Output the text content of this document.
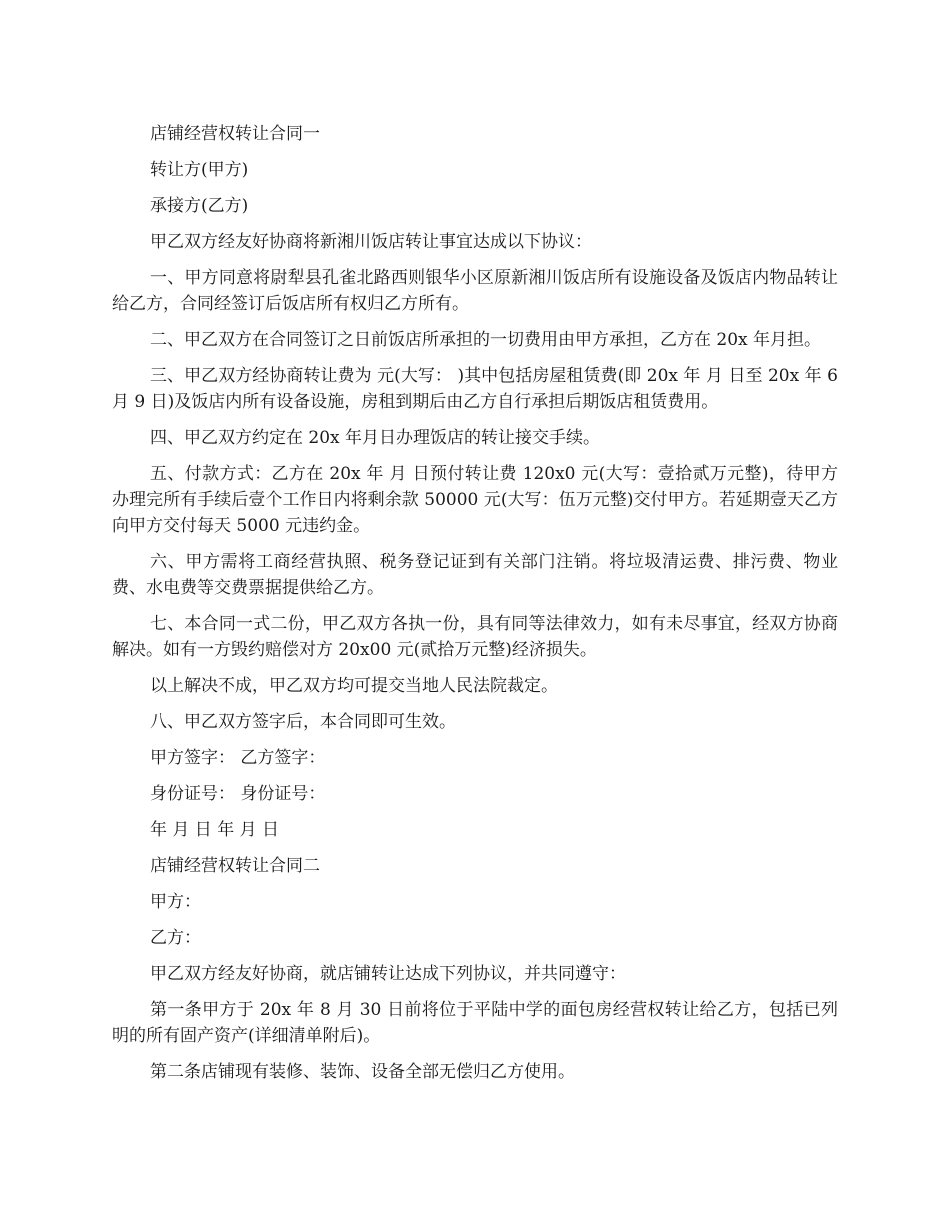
店铺经营权转让合同一

转让方(甲方)

承接方(乙方)

甲乙双方经友好协商将新湘川饭店转让事宜达成以下协议：

一、甲方同意将尉犁县孔雀北路西则银华小区原新湘川饭店所有设施设备及饭店内物品转让给乙方，合同经签订后饭店所有权归乙方所有。

二、甲乙双方在合同签订之日前饭店所承担的一切费用由甲方承担，乙方在 20x 年月担。

三、甲乙双方经协商转让费为 元(大写： )其中包括房屋租赁费(即 20x 年 月 日至 20x 年 6 月 9 日)及饭店内所有设备设施，房租到期后由乙方自行承担后期饭店租赁费用。

四、甲乙双方约定在 20x 年月日办理饭店的转让接交手续。

五、付款方式：乙方在 20x 年 月 日预付转让费 120x0 元(大写：壹拾贰万元整)，待甲方办理完所有手续后壹个工作日内将剩余款 50000 元(大写：伍万元整)交付甲方。若延期壹天乙方向甲方交付每天 5000 元违约金。

六、甲方需将工商经营执照、税务登记证到有关部门注销。将垃圾清运费、排污费、物业费、水电费等交费票据提供给乙方。

七、本合同一式二份，甲乙双方各执一份，具有同等法律效力，如有未尽事宜，经双方协商解决。如有一方毁约赔偿对方 20x00 元(贰拾万元整)经济损失。

以上解决不成，甲乙双方均可提交当地人民法院裁定。

八、甲乙双方签字后，本合同即可生效。

甲方签字： 乙方签字：

身份证号： 身份证号：

年 月 日 年 月 日

店铺经营权转让合同二

甲方：

乙方：

甲乙双方经友好协商，就店铺转让达成下列协议，并共同遵守：

第一条甲方于 20x 年 8 月 30 日前将位于平陆中学的面包房经营权转让给乙方，包括已列明的所有固产资产(详细清单附后)。

第二条店铺现有装修、装饰、设备全部无偿归乙方使用。
